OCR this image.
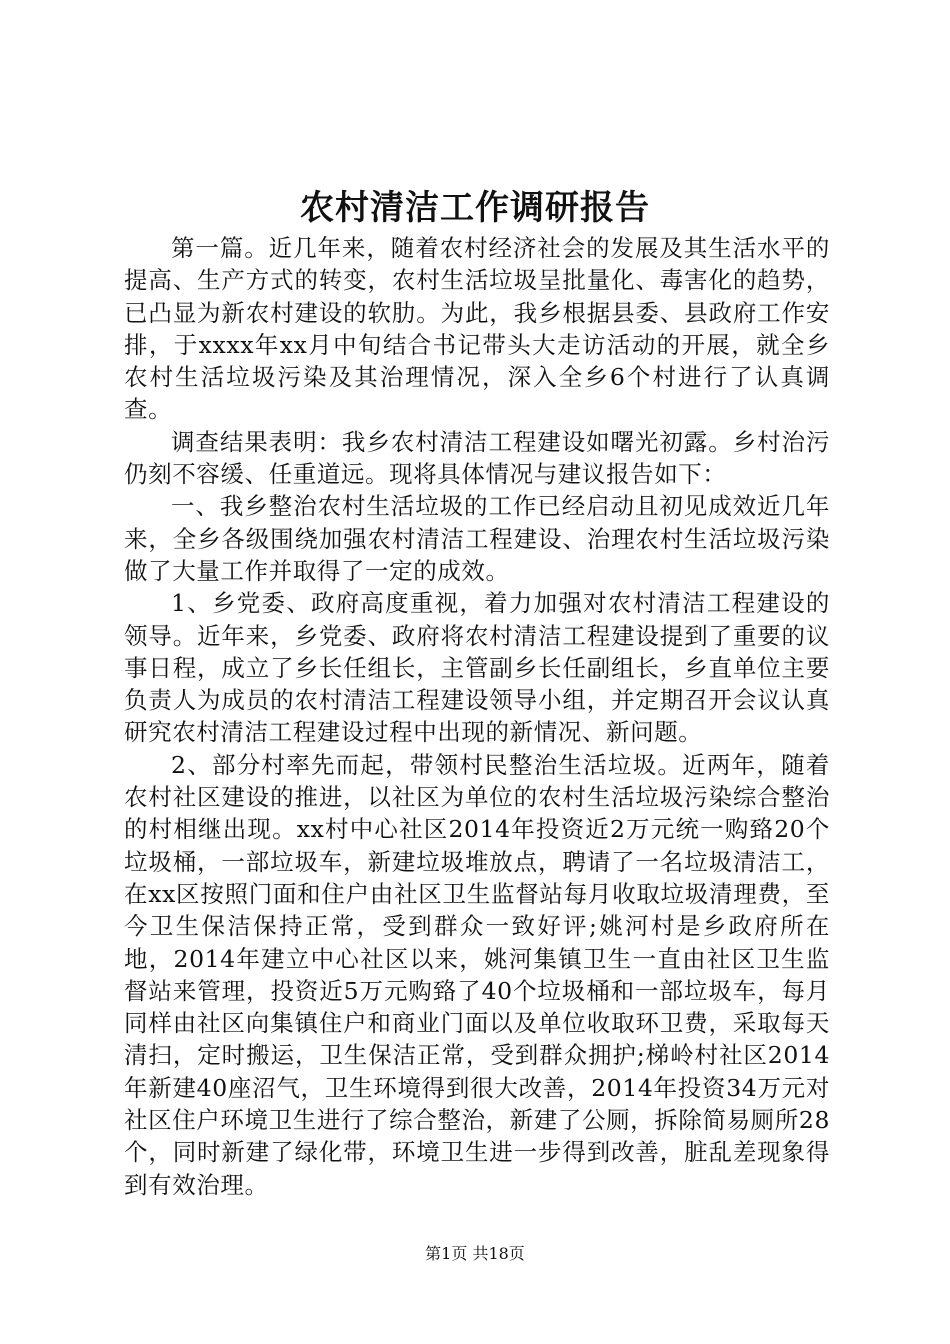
农村清洁工作调研报告

第一篇。近几年来，随着农村经济社会的发展及其生活水平的提高、生产方式的转变，农村生活垃圾呈批量化、毒害化的趋势，已凸显为新农村建设的软肋。为此，我乡根据县委、县政府工作安排，于xxxx年xx月中旬结合书记带头大走访活动的开展，就全乡农村生活垃圾污染及其治理情况，深入全乡6个村进行了认真调查。

调查结果表明：我乡农村清洁工程建设如曙光初露。乡村治污仍刻不容缓、任重道远。现将具体情况与建议报告如下：

一、我乡整治农村生活垃圾的工作已经启动且初见成效近几年来，全乡各级围绕加强农村清洁工程建设、治理农村生活垃圾污染做了大量工作并取得了一定的成效。

1、乡党委、政府高度重视，着力加强对农村清洁工程建设的领导。近年来，乡党委、政府将农村清洁工程建设提到了重要的议事日程，成立了乡长任组长，主管副乡长任副组长，乡直单位主要负责人为成员的农村清洁工程建设领导小组，并定期召开会议认真研究农村清洁工程建设过程中出现的新情况、新问题。

2、部分村率先而起，带领村民整治生活垃圾。近两年，随着农村社区建设的推进，以社区为单位的农村生活垃圾污染综合整治的村相继出现。xx村中心社区2014年投资近2万元统一购臵20个垃圾桶，一部垃圾车，新建垃圾堆放点，聘请了一名垃圾清洁工，在xx区按照门面和住户由社区卫生监督站每月收取垃圾清理费，至今卫生保洁保持正常，受到群众一致好评;姚河村是乡政府所在地，2014年建立中心社区以来，姚河集镇卫生一直由社区卫生监督站来管理，投资近5万元购臵了40个垃圾桶和一部垃圾车，每月同样由社区向集镇住户和商业门面以及单位收取环卫费，采取每天清扫，定时搬运，卫生保洁正常，受到群众拥护;梯岭村社区2014年新建40座沼气，卫生环境得到很大改善，2014年投资34万元对社区住户环境卫生进行了综合整治，新建了公厕，拆除简易厕所28个，同时新建了绿化带，环境卫生进一步得到改善，脏乱差现象得到有效治理。

第1页 共18页
